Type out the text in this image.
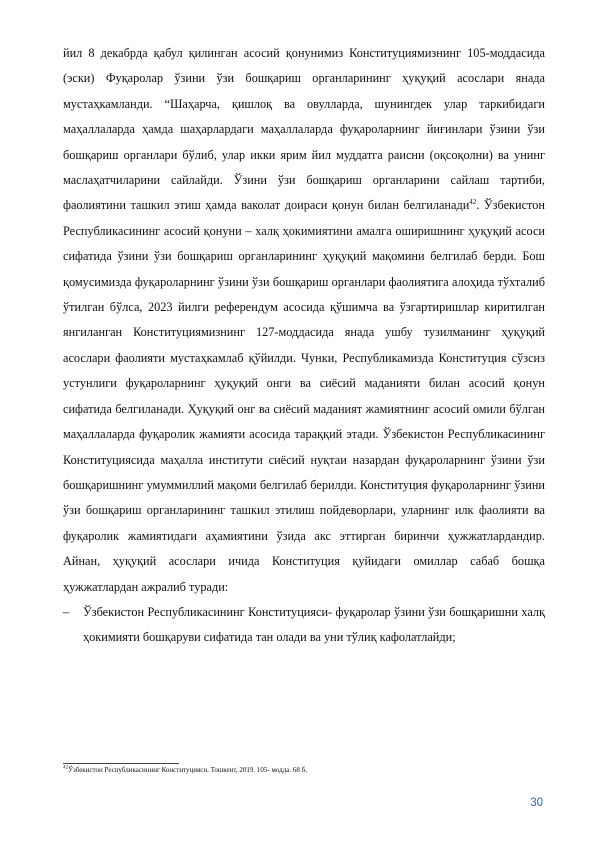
йил 8 декабрда қабул қилинган асосий қонунимиз Конституциямизнинг 105-моддасида (эски) Фуқаролар ўзини ўзи бошқариш органларининг ҳуқуқий асослари янада мустаҳкамланди. “Шаҳарча, қишлоқ ва овулларда, шунингдек улар таркибидаги маҳаллаларда ҳамда шаҳарлардаги маҳаллаларда фуқароларнинг йиғинлари ўзини ўзи бошқариш органлари бўлиб, улар икки ярим йил муддатга раисни (оқсоқолни) ва унинг маслаҳатчиларини сайлайди. Ўзини ўзи бошқариш органларини сайлаш тартиби, фаолиятини ташкил этиш ҳамда ваколат доираси қонун билан белгиланади$^{42}$. Ўзбекистон Республикасининг асосий қонуни – халқ ҳокимиятини амалга оширишнинг ҳуқуқий асоси сифатида ўзини ўзи бошқариш органларининг ҳуқуқий мақомини белгилаб берди. Бош қомусимизда фуқароларнинг ўзини ўзи бошқариш органлари фаолиятига алоҳида тўхталиб ўтилган бўлса, 2023 йилги референдум асосида қўшимча ва ўзгартиришлар киритилган янгиланган Конституциямизнинг 127-моддасида янада ушбу тузилманинг ҳуқуқий асослари фаолияти мустаҳкамлаб қўйилди. Чунки, Республикамизда Конституция сўзсиз устунлиги фуқароларнинг ҳуқуқий онги ва сиёсий маданияти билан асосий қонун сифатида белгиланади. Ҳуқуқий онг ва сиёсий маданият жамиятнинг асосий омили бўлган маҳаллаларда фуқаролик жамияти асосида тараққий этади. Ўзбекистон Республикасининг Конституциясида маҳалла институти сиёсий нуқтаи назардан фуқароларнинг ўзини ўзи бошқаришнинг умуммиллий мақоми белгилаб берилди. Конституция фуқароларнинг ўзини ўзи бошқариш органларининг ташкил этилиш пойдеворлари, уларнинг илк фаолияти ва фуқаролик жамиятидаги аҳамиятини ўзида акс эттирган биринчи ҳужжатлардандир. Айнан, ҳуқуқий асослари ичида Конституция қуйидаги омиллар сабаб бошқа ҳужжатлардан ажралиб туради:

–	Ўзбекистон Республикасининг Конституцияси- фуқаролар ўзини ўзи бошқаришни халқ ҳокимияти бошқаруви сифатида тан олади ва уни тўлиқ кафолатлайди;
$^{42}$Ўзбекистон Республикасининг Конституцияси. Тошкент, 2019. 105- модда. 68 б.
30
